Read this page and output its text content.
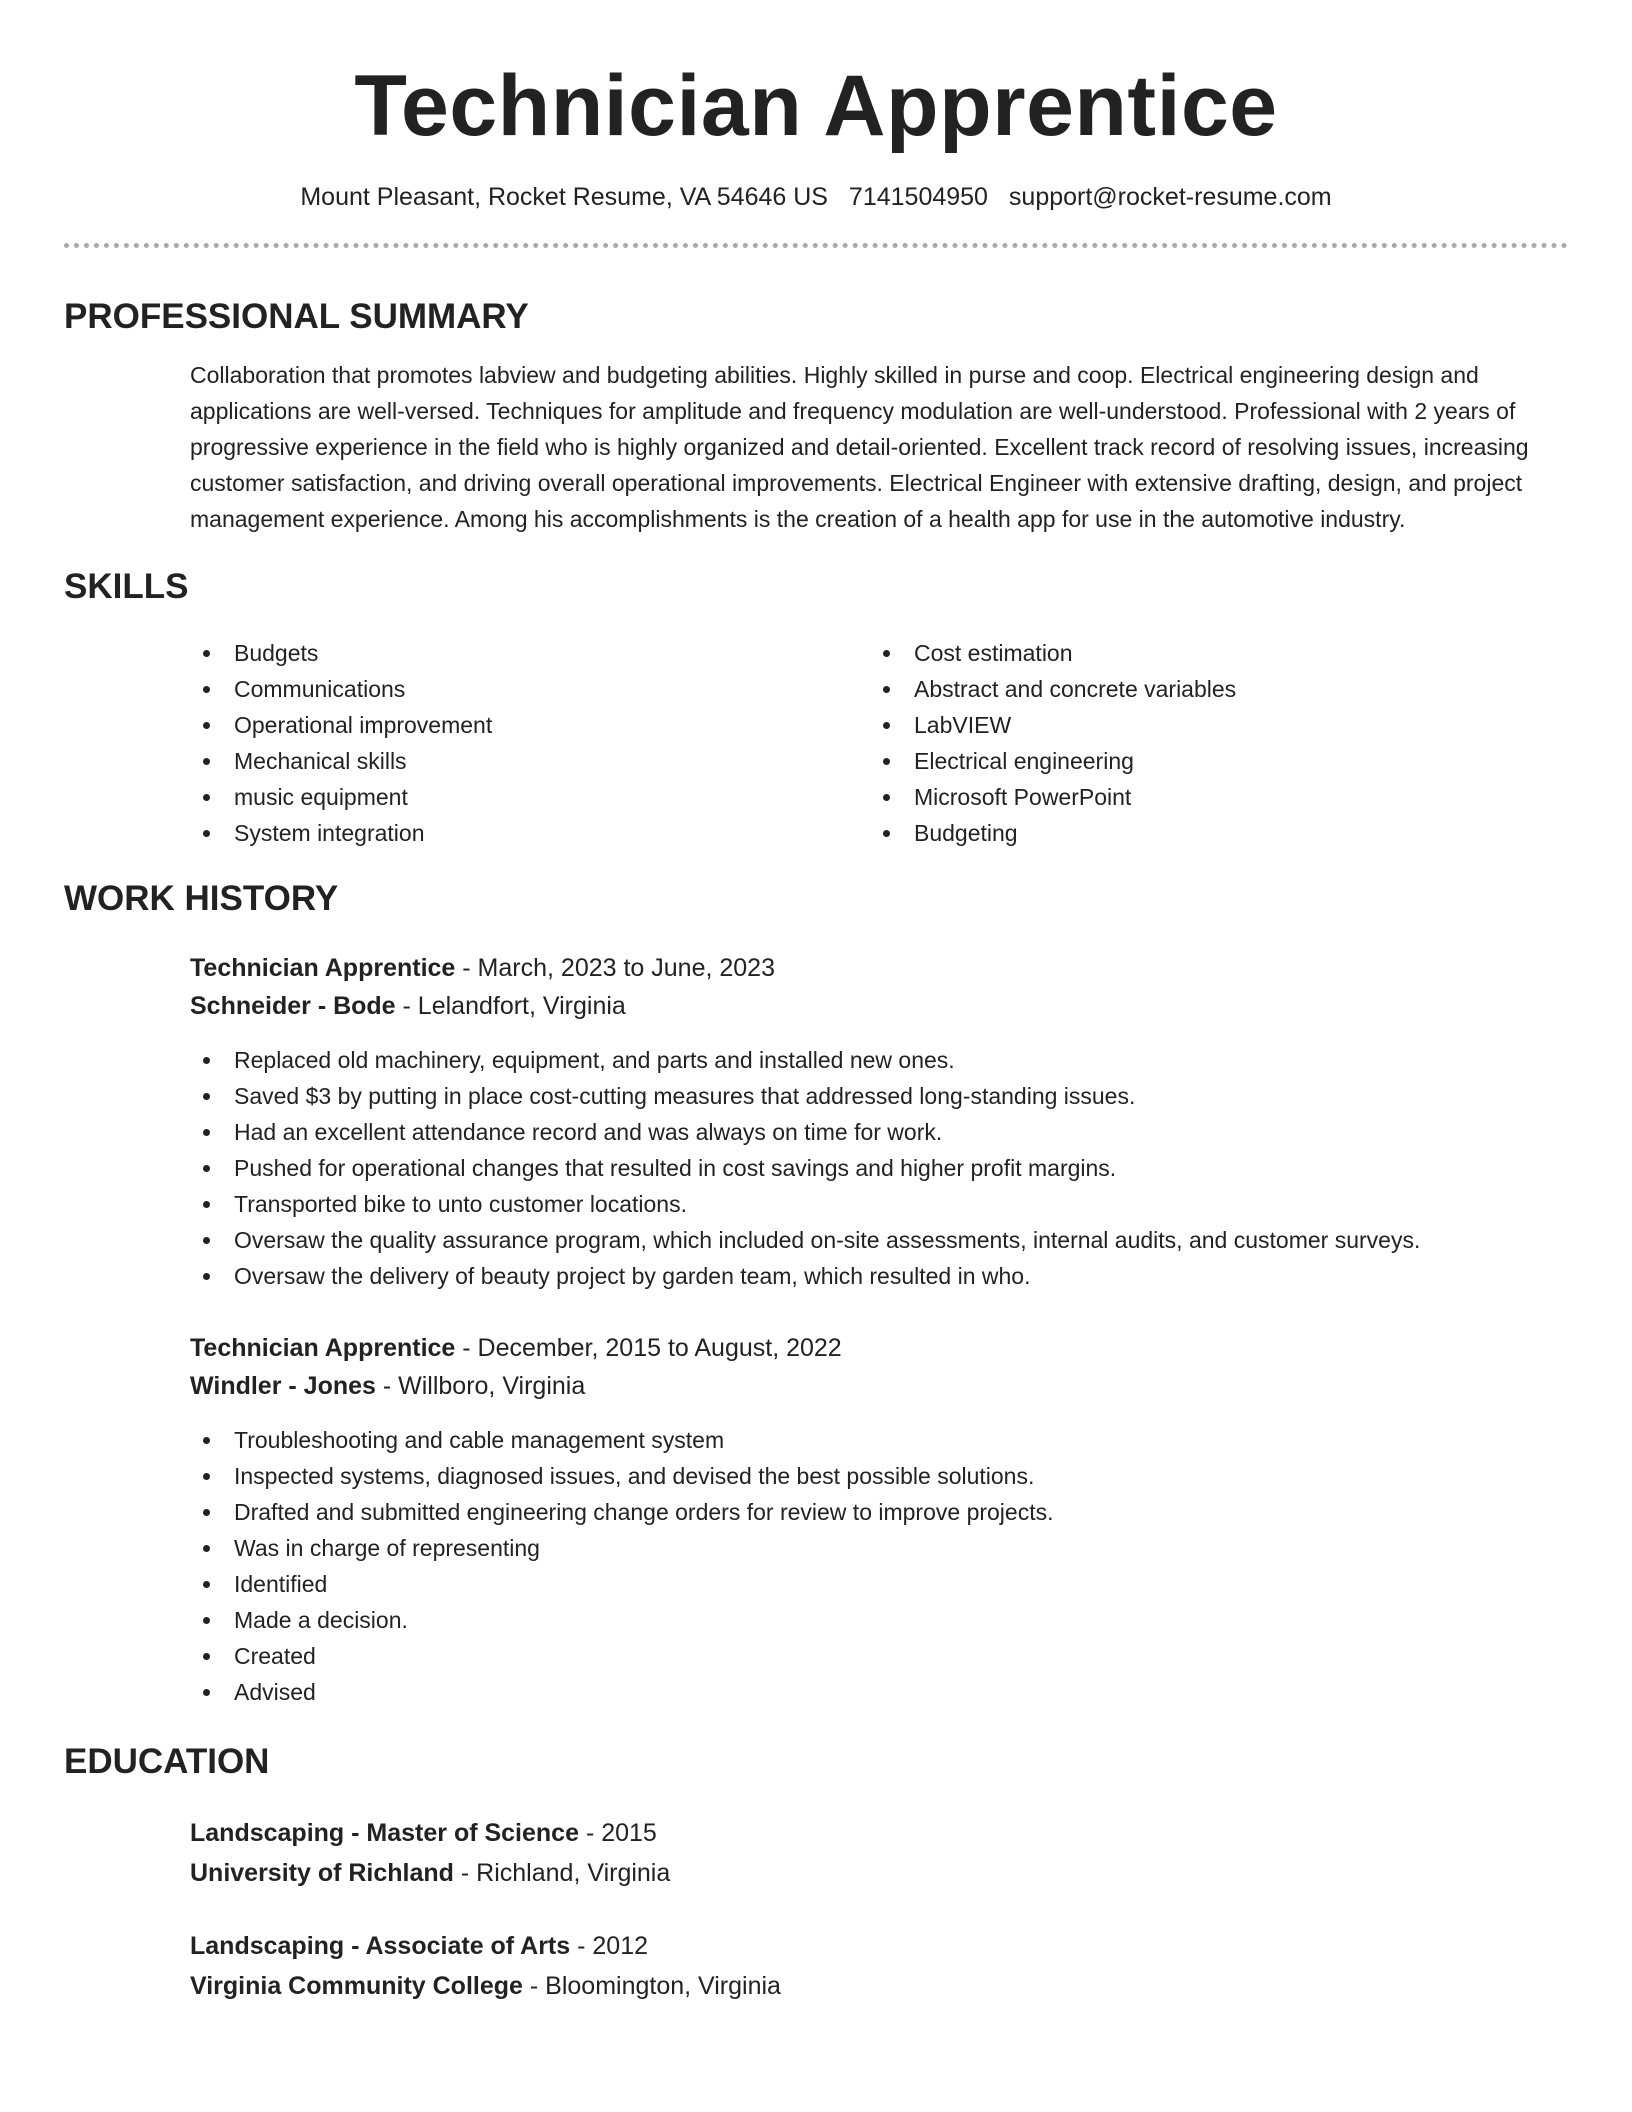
Technician Apprentice
Mount Pleasant, Rocket Resume, VA 54646 US 7141504950 support@rocket-resume.com
PROFESSIONAL SUMMARY

Collaboration that promotes labview and budgeting abilities. Highly skilled in purse and coop. Electrical engineering design and applications are well-versed. Techniques for amplitude and frequency modulation are well-understood. Professional with 2 years of progressive experience in the field who is highly organized and detail-oriented. Excellent track record of resolving issues, increasing customer satisfaction, and driving overall operational improvements. Electrical Engineer with extensive drafting, design, and project management experience. Among his accomplishments is the creation of a health app for use in the automotive industry.

SKILLS
Budgets
Communications
Operational improvement
Mechanical skills
music equipment
System integration
Cost estimation
Abstract and concrete variables
LabVIEW
Electrical engineering
Microsoft PowerPoint
Budgeting
WORK HISTORY
Technician Apprentice - March, 2023 to June, 2023
Schneider - Bode - Lelandfort, Virginia
Replaced old machinery, equipment, and parts and installed new ones.
Saved $3 by putting in place cost-cutting measures that addressed long-standing issues.
Had an excellent attendance record and was always on time for work.
Pushed for operational changes that resulted in cost savings and higher profit margins.
Transported bike to unto customer locations.
Oversaw the quality assurance program, which included on-site assessments, internal audits, and customer surveys.
Oversaw the delivery of beauty project by garden team, which resulted in who.
Technician Apprentice - December, 2015 to August, 2022
Windler - Jones - Willboro, Virginia
Troubleshooting and cable management system
Inspected systems, diagnosed issues, and devised the best possible solutions.
Drafted and submitted engineering change orders for review to improve projects.
Was in charge of representing
Identified
Made a decision.
Created
Advised
EDUCATION
Landscaping - Master of Science - 2015
University of Richland - Richland, Virginia
Landscaping - Associate of Arts - 2012
Virginia Community College - Bloomington, Virginia
